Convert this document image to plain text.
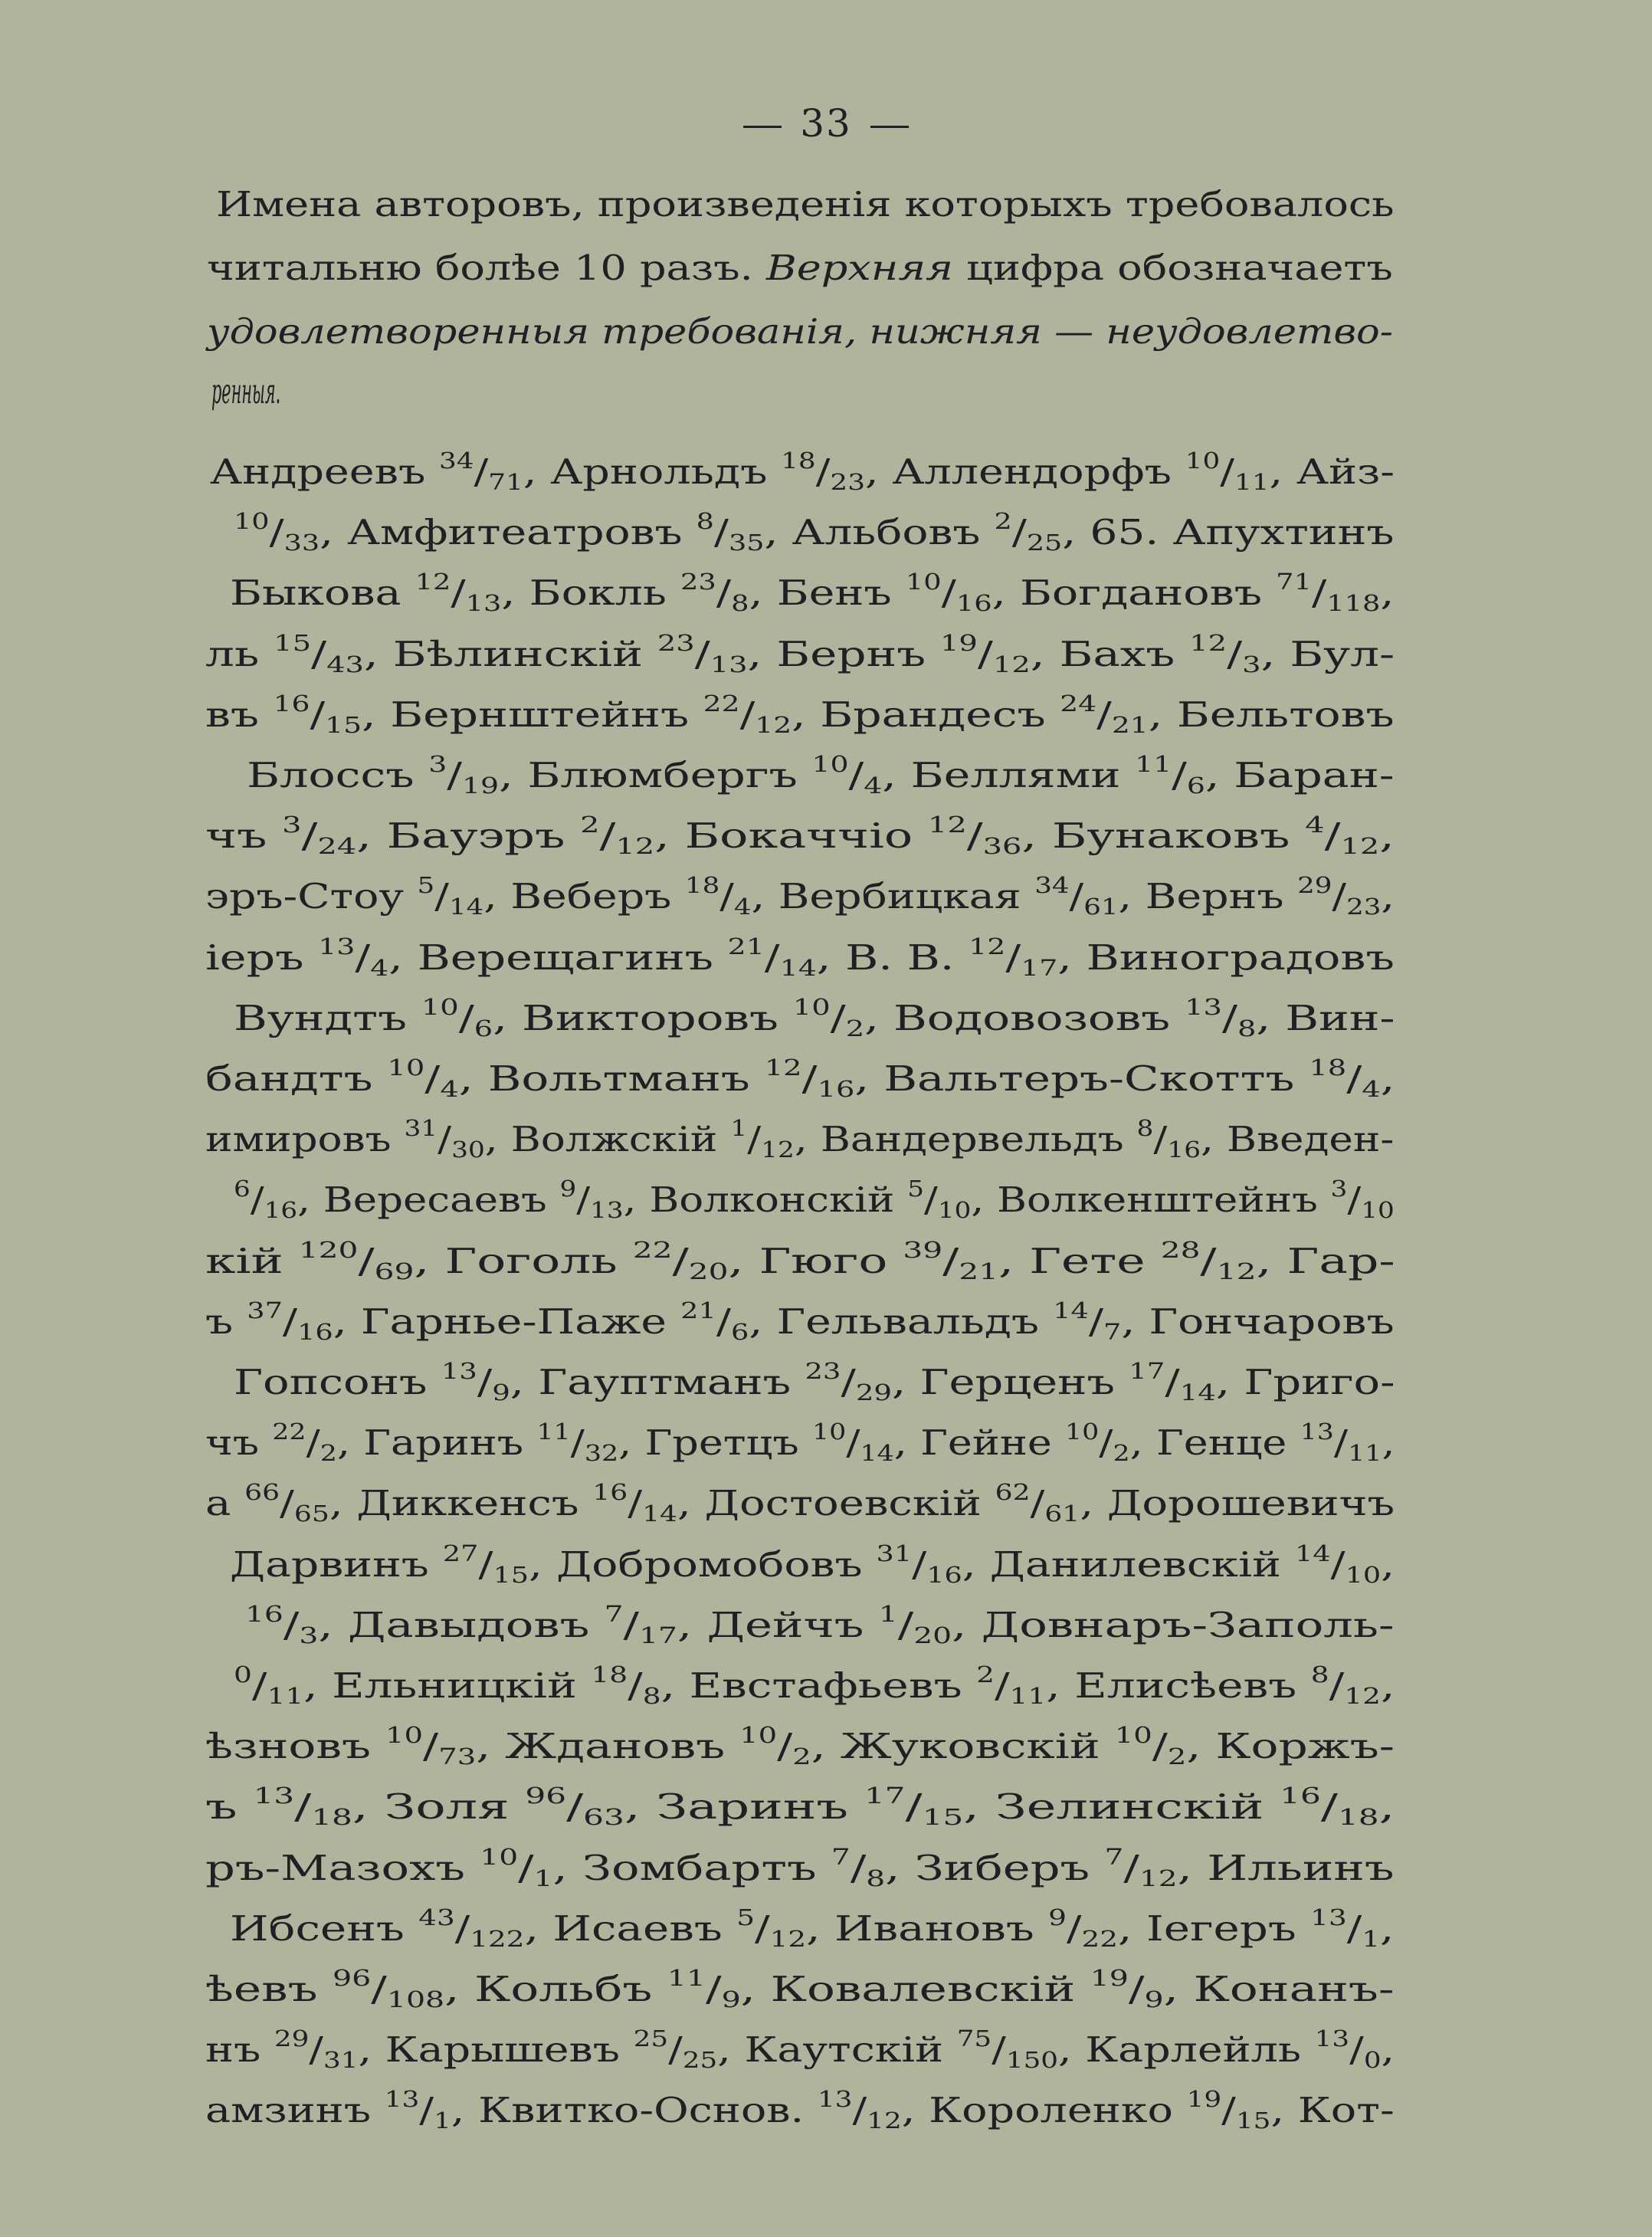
33
Имена авторовъ, произведенія которыхъ требовалось
читальню болѣе 10 разъ. Верхняя цифра обозначаетъ
удовлетворенныя требованія, нижняя — неудовлетво-
ренныя.
Андреевъ $^{34}/_{71}$, Арнольдъ $^{18}/_{23}$, Аллендорфъ $^{10}/_{11}$, Айз-
$^{10}/_{33}$, Амфитеатровъ $^8/_{35}$, Альбовъ $^2/_{25}$, 65. Апухтинъ
Быкова $^{12}/_{13}$, Бокль $^{23}/_8$, Бенъ $^{10}/_{16}$, Богдановъ $^{71}/_{118}$,
ль $^{15}/_{43}$, Бѣлинскій $^{23}/_{13}$, Бернъ $^{19}/_{12}$, Бахъ $^{12}/_3$, Бул-
въ $^{16}/_{15}$, Бернштейнъ $^{22}/_{12}$, Брандесъ $^{24}/_{21}$, Бельтовъ
Блоссъ $^3/_{19}$, Блюмбергъ $^{10}/_4$, Беллями $^{11}/_6$, Баран-
чъ $^3/_{24}$, Бауэръ $^2/_{12}$, Бокаччіо $^{12}/_{36}$, Бунаковъ $^4/_{12}$,
эръ-Стоу $^5/_{14}$, Веберъ $^{18}/_4$, Вербицкая $^{34}/_{61}$, Вернъ $^{29}/_{23}$,
іеръ $^{13}/_4$, Верещагинъ $^{21}/_{14}$, В. В. $^{12}/_{17}$, Виноградовъ
Вундтъ $^{10}/_6$, Викторовъ $^{10}/_2$, Водовозовъ $^{13}/_8$, Вин-
бандтъ $^{10}/_4$, Вольтманъ $^{12}/_{16}$, Вальтеръ-Скоттъ $^{18}/_4$,
имировъ $^{31}/_{30}$, Волжскій $^1/_{12}$, Вандервельдъ $^8/_{16}$, Введен-
$^6/_{16}$, Вересаевъ $^9/_{13}$, Волконскій $^5/_{10}$, Волкенштейнъ $^3/_{10}$
кій $^{120}/_{69}$, Гоголь $^{22}/_{20}$, Гюго $^{39}/_{21}$, Гете $^{28}/_{12}$, Гар-
ъ $^{37}/_{16}$, Гарнье-Паже $^{21}/_6$, Гельвальдъ $^{14}/_7$, Гончаровъ
Гопсонъ $^{13}/_9$, Гауптманъ $^{23}/_{29}$, Герценъ $^{17}/_{14}$, Григо-
чъ $^{22}/_2$, Гаринъ $^{11}/_{32}$, Гретцъ $^{10}/_{14}$, Гейне $^{10}/_2$, Генце $^{13}/_{11}$,
а $^{66}/_{65}$, Диккенсъ $^{16}/_{14}$, Достоевскій $^{62}/_{61}$, Дорошевичъ
Дарвинъ $^{27}/_{15}$, Добромобовъ $^{31}/_{16}$, Данилевскій $^{14}/_{10}$,
$^{16}/_3$, Давыдовъ $^7/_{17}$, Дейчъ $^1/_{20}$, Довнаръ-Заполь-
$^0/_{11}$, Ельницкій $^{18}/_8$, Евстафьевъ $^2/_{11}$, Елисѣевъ $^8/_{12}$,
ѣзновъ $^{10}/_{73}$, Ждановъ $^{10}/_2$, Жуковскій $^{10}/_2$, Коржъ-
ъ $^{13}/_{18}$, Золя $^{96}/_{63}$, Заринъ $^{17}/_{15}$, Зелинскій $^{16}/_{18}$,
ръ-Мазохъ $^{10}/_1$, Зомбартъ $^7/_8$, Зиберъ $^7/_{12}$, Ильинъ
Ибсенъ $^{43}/_{122}$, Исаевъ $^5/_{12}$, Ивановъ $^9/_{22}$, Іегеръ $^{13}/_1$,
ѣевъ $^{96}/_{108}$, Кольбъ $^{11}/_9$, Ковалевскій $^{19}/_9$, Конанъ-
нъ $^{29}/_{31}$, Карышевъ $^{25}/_{25}$, Каутскій $^{75}/_{150}$, Карлейль $^{13}/_0$,
амзинъ $^{13}/_1$, Квитко-Основ. $^{13}/_{12}$, Короленко $^{19}/_{15}$, Кот-
